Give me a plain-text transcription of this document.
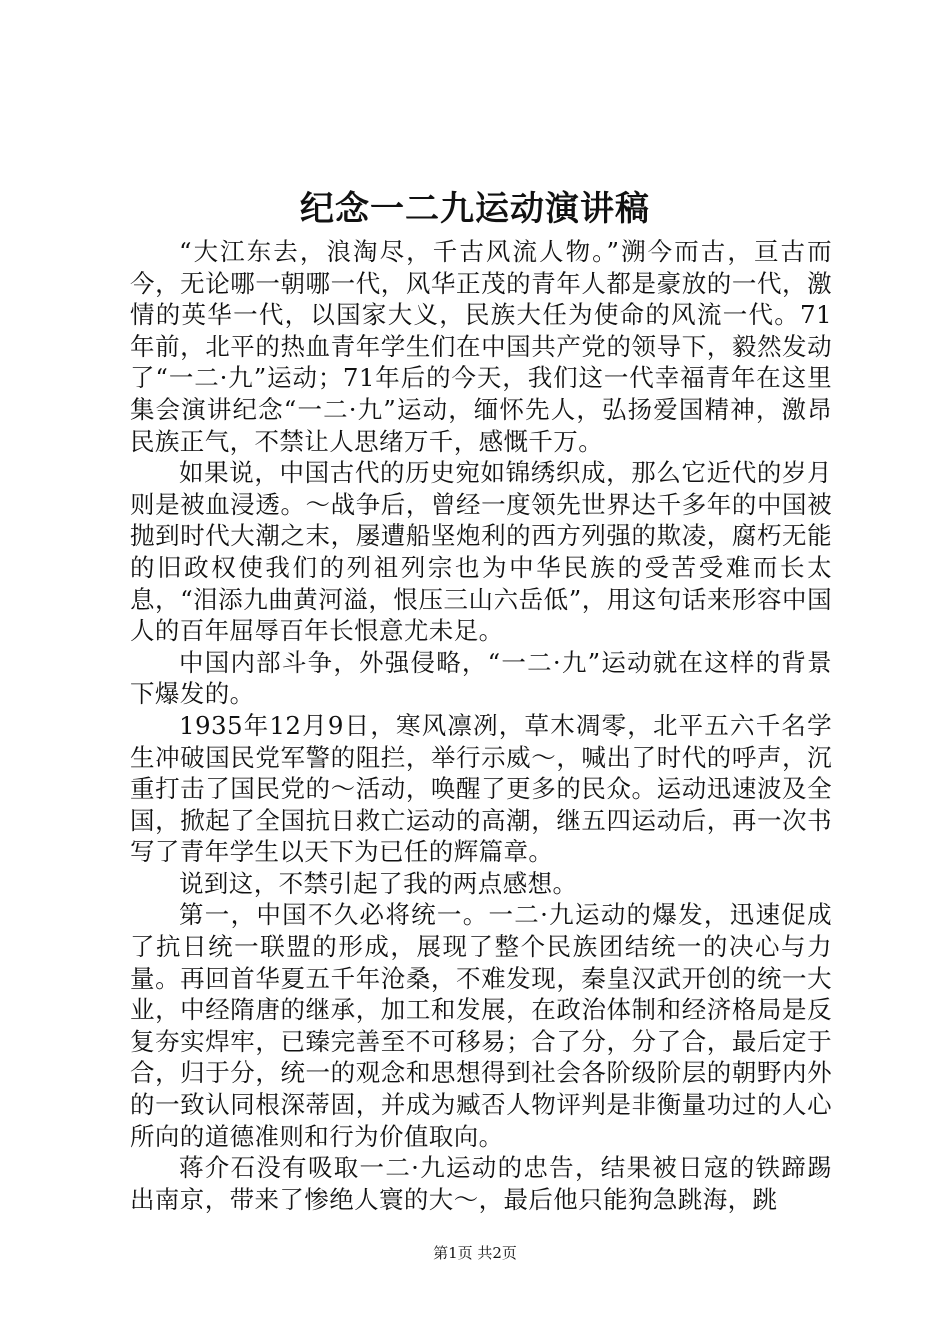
纪念一二九运动演讲稿

“大江东去，浪淘尽，千古风流人物。”溯今而古，亘古而今，无论哪一朝哪一代，风华正茂的青年人都是豪放的一代，激情的英华一代，以国家大义，民族大任为使命的风流一代。71年前，北平的热血青年学生们在中国共产党的领导下，毅然发动了“一二·九”运动；71年后的今天，我们这一代幸福青年在这里集会演讲纪念“一二·九”运动，缅怀先人，弘扬爱国精神，激昂民族正气，不禁让人思绪万千，感慨千万。

如果说，中国古代的历史宛如锦绣织成，那么它近代的岁月则是被血浸透。～战争后，曾经一度领先世界达千多年的中国被抛到时代大潮之末，屡遭船坚炮利的西方列强的欺凌，腐朽无能的旧政权使我们的列祖列宗也为中华民族的受苦受难而长太息，“泪添九曲黄河溢，恨压三山六岳低”，用这句话来形容中国人的百年屈辱百年长恨意尤未足。

中国内部斗争，外强侵略，“一二·九”运动就在这样的背景下爆发的。

1935年12月9日，寒风凛冽，草木凋零，北平五六千名学生冲破国民党军警的阻拦，举行示威～，喊出了时代的呼声，沉重打击了国民党的～活动，唤醒了更多的民众。运动迅速波及全国，掀起了全国抗日救亡运动的高潮，继五四运动后，再一次书写了青年学生以天下为已任的辉篇章。

说到这，不禁引起了我的两点感想。

第一，中国不久必将统一。一二·九运动的爆发，迅速促成了抗日统一联盟的形成，展现了整个民族团结统一的决心与力量。再回首华夏五千年沧桑，不难发现，秦皇汉武开创的统一大业，中经隋唐的继承，加工和发展，在政治体制和经济格局是反复夯实焊牢，已臻完善至不可移易；合了分，分了合，最后定于合，归于分，统一的观念和思想得到社会各阶级阶层的朝野内外的一致认同根深蒂固，并成为臧否人物评判是非衡量功过的人心所向的道德准则和行为价值取向。

蒋介石没有吸取一二·九运动的忠告，结果被日寇的铁蹄踢出南京，带来了惨绝人寰的大～，最后他只能狗急跳海，跳

第1页 共2页
